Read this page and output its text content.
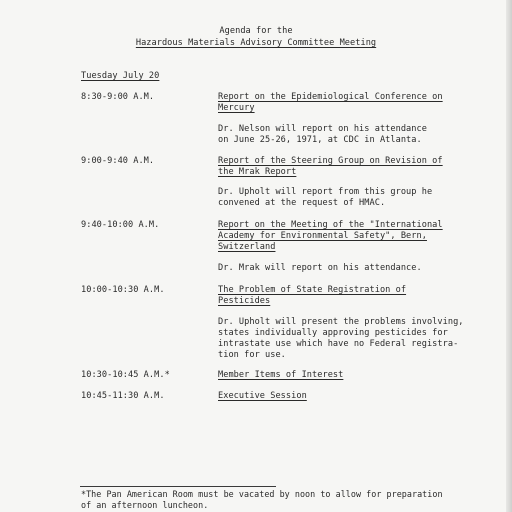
Agenda for the
Hazardous Materials Advisory Committee Meeting
Tuesday July 20
8:30-9:00 A.M.	Report on the Epidemiological Conference on
Mercury
Dr. Nelson will report on his attendance
on June 25-26, 1971, at CDC in Atlanta.
9:00-9:40 A.M.	Report of the Steering Group on Revision of
the Mrak Report
Dr. Upholt will report from this group he
convened at the request of HMAC.
9:40-10:00 A.M.	Report on the Meeting of the "International
Academy for Environmental Safety", Bern,
Switzerland
Dr. Mrak will report on his attendance.
10:00-10:30 A.M.	The Problem of State Registration of
Pesticides
Dr. Upholt will present the problems involving,
states individually approving pesticides for
intrastate use which have no Federal registra-
tion for use.
10:30-10:45 A.M.*	Member Items of Interest
10:45-11:30 A.M.	Executive Session
*The Pan American Room must be vacated by noon to allow for preparation
of an afternoon luncheon.
